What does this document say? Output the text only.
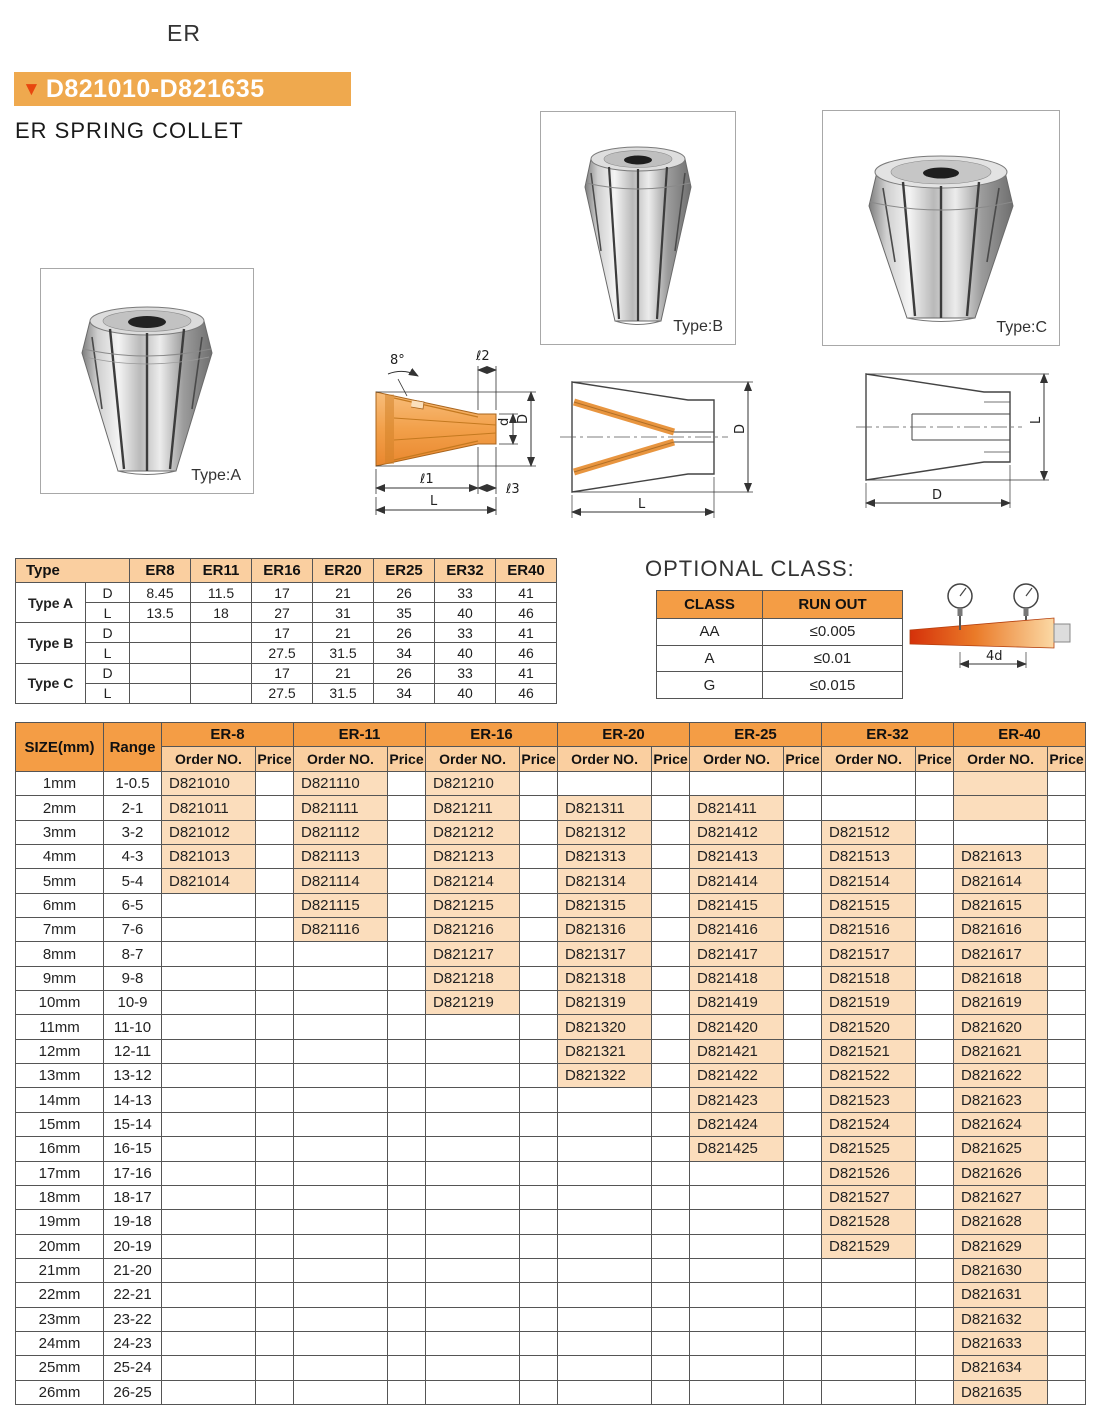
ER
▼ D821010-D821635
ER SPRING COLLET
Type:B	Type:C
Type:A
8°	ℓ2
d D
ℓ1
ℓ3
L
D
L
L
D
Type		ER8	ER11	ER16	ER20	ER25	ER32	ER40
Type A	D	8.45	11.5	17	21	26	33	41
	L	13.5	18	27	31	35	40	46
Type B	D			17	21	26	33	41
	L			27.5	31.5	34	40	46
Type C	D			17	21	26	33	41
	L			27.5	31.5	34	40	46
OPTIONAL CLASS:
CLASS	RUN OUT
AA	≤0.005
A	≤0.01
G	≤0.015
4d
SIZE(mm)	Range	ER-8		ER-11		ER-16		ER-20		ER-25		ER-32		ER-40	
		Order NO.	Price	Order NO.	Price	Order NO.	Price	Order NO.	Price	Order NO.	Price	Order NO.	Price	Order NO.	Price
1mm	1-0.5	D821010		D821110		D821210									
2mm	2-1	D821011		D821111		D821211		D821311		D821411					
3mm	3-2	D821012		D821112		D821212		D821312		D821412		D821512			
4mm	4-3	D821013		D821113		D821213		D821313		D821413		D821513		D821613	
5mm	5-4	D821014		D821114		D821214		D821314		D821414		D821514		D821614	
6mm	6-5			D821115		D821215		D821315		D821415		D821515		D821615	
7mm	7-6			D821116		D821216		D821316		D821416		D821516		D821616	
8mm	8-7					D821217		D821317		D821417		D821517		D821617	
9mm	9-8					D821218		D821318		D821418		D821518		D821618	
10mm	10-9					D821219		D821319		D821419		D821519		D821619	
11mm	11-10							D821320		D821420		D821520		D821620	
12mm	12-11							D821321		D821421		D821521		D821621	
13mm	13-12							D821322		D821422		D821522		D821622	
14mm	14-13									D821423		D821523		D821623	
15mm	15-14									D821424		D821524		D821624	
16mm	16-15									D821425		D821525		D821625	
17mm	17-16											D821526		D821626	
18mm	18-17											D821527		D821627	
19mm	19-18											D821528		D821628	
20mm	20-19											D821529		D821629	
21mm	21-20													D821630	
22mm	22-21													D821631	
23mm	23-22													D821632	
24mm	24-23													D821633	
25mm	25-24													D821634	
26mm	26-25													D821635	
